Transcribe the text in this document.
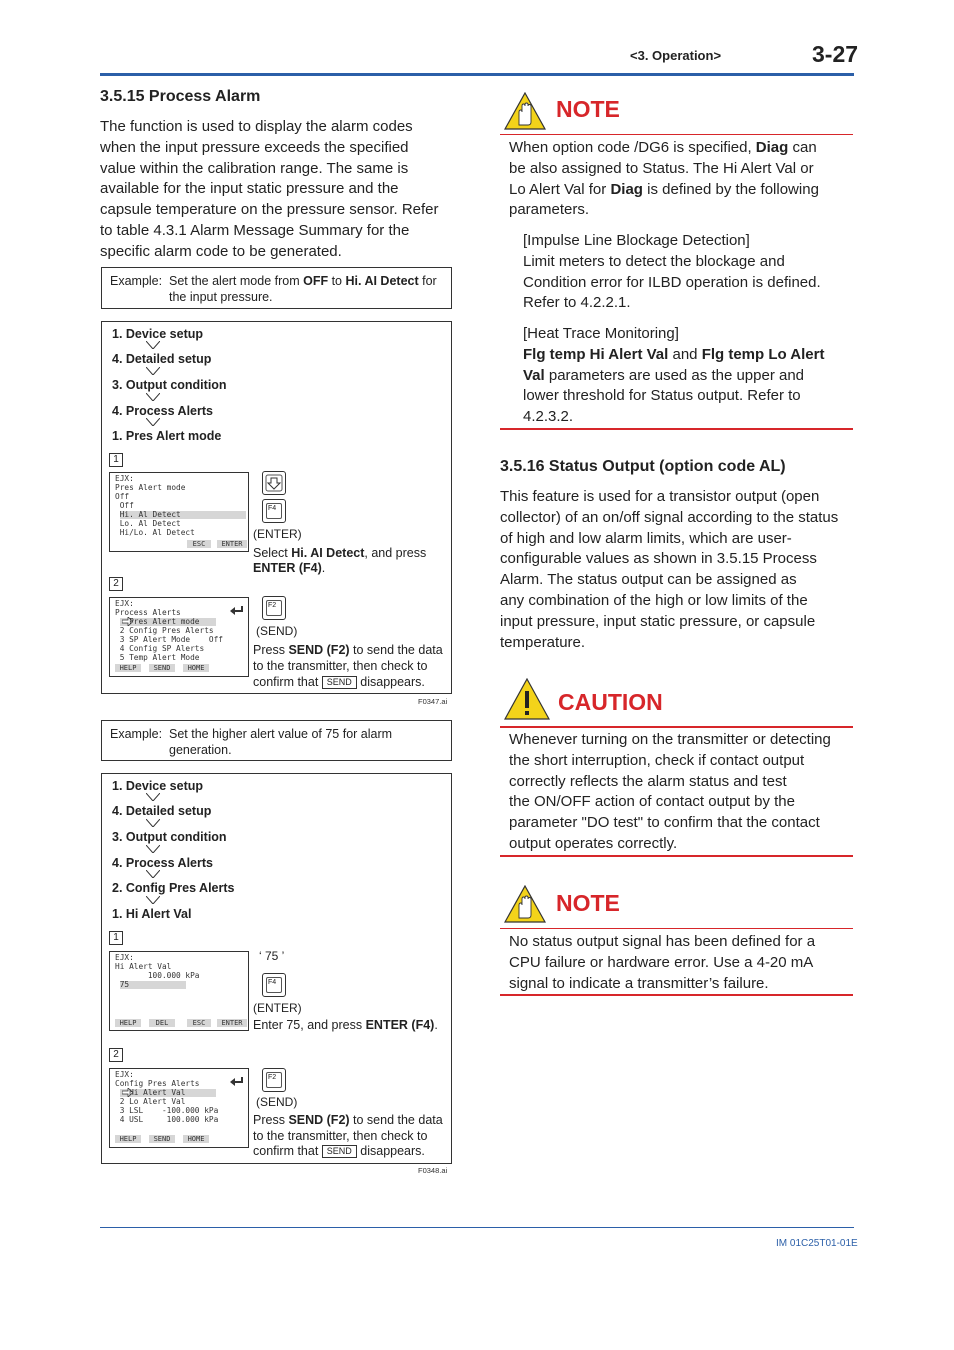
<3. Operation>	3-27
3.5.15 Process Alarm
The function is used to display the alarm codes
when the input pressure exceeds the specified
value within the calibration range. The same is
available for the input static pressure and the
capsule temperature on the pressure sensor. Refer
to table 4.3.1 Alarm Message Summary for the
specific alarm code to be generated.
Example: Set the alert mode from OFF to Hi. AI Detect for
the input pressure.
1. Device setup
4. Detailed setup
3. Output condition
4. Process Alerts
1. Pres Alert mode
1
EJX:
Pres Alert mode
Off
Off
Hi. Al Detect
Lo. Al Detect
Hi/Lo. Al Detect
ESC	ENTER
F4
(ENTER)
Select Hi. AI Detect, and press
ENTER (F4).
2
EJX:
Process Alerts
Pres Alert mode
2 Config Pres Alerts
3 SP Alert Mode    Off
4 Config SP Alerts
5 Temp Alert Mode
HELP	SEND	HOME
F2
(SEND)
Press SEND (F2) to send the data
to the transmitter, then check to
confirm that SEND disappears.
F0347.ai
Example: Set the higher alert value of 75 for alarm
generation.
1. Device setup
4. Detailed setup
3. Output condition
4. Process Alerts
2. Config Pres Alerts
1. Hi Alert Val
1
EJX:
Hi Alert Val
100.000 kPa
75
HELP	DEL	ESC	ENTER
‘ 75 ’
F4
(ENTER)
Enter 75, and press ENTER (F4).
2
EJX:
Config Pres Alerts
Hi Alert Val
2 Lo Alert Val
3 LSL    -100.000 kPa
4 USL     100.000 kPa
HELP	SEND	HOME
F2
(SEND)
Press SEND (F2) to send the data
to the transmitter, then check to
confirm that SEND disappears.
F0348.ai
NOTE
When option code /DG6 is specified, Diag can
be also assigned to Status. The Hi Alert Val or
Lo Alert Val for Diag is defined by the following
parameters.
[Impulse Line Blockage Detection]
Limit meters to detect the blockage and
Condition error for ILBD operation is defined.
Refer to 4.2.2.1.
[Heat Trace Monitoring]
Flg temp Hi Alert Val and Flg temp Lo Alert
Val parameters are used as the upper and
lower threshold for Status output. Refer to
4.2.3.2.
3.5.16 Status Output (option code AL)
This feature is used for a transistor output (open
collector) of an on/off signal according to the status
of high and low alarm limits, which are user-
configurable values as shown in 3.5.15 Process
Alarm. The status output can be assigned as
any combination of the high or low limits of the
input pressure, input static pressure, or capsule
temperature.
CAUTION
Whenever turning on the transmitter or detecting
the short interruption, check if contact output
correctly reflects the alarm status and test
the ON/OFF action of contact output by the
parameter "DO test" to confirm that the contact
output operates correctly.
NOTE
No status output signal has been defined for a
CPU failure or hardware error. Use a 4-20 mA
signal to indicate a transmitter’s failure.
IM 01C25T01-01E
